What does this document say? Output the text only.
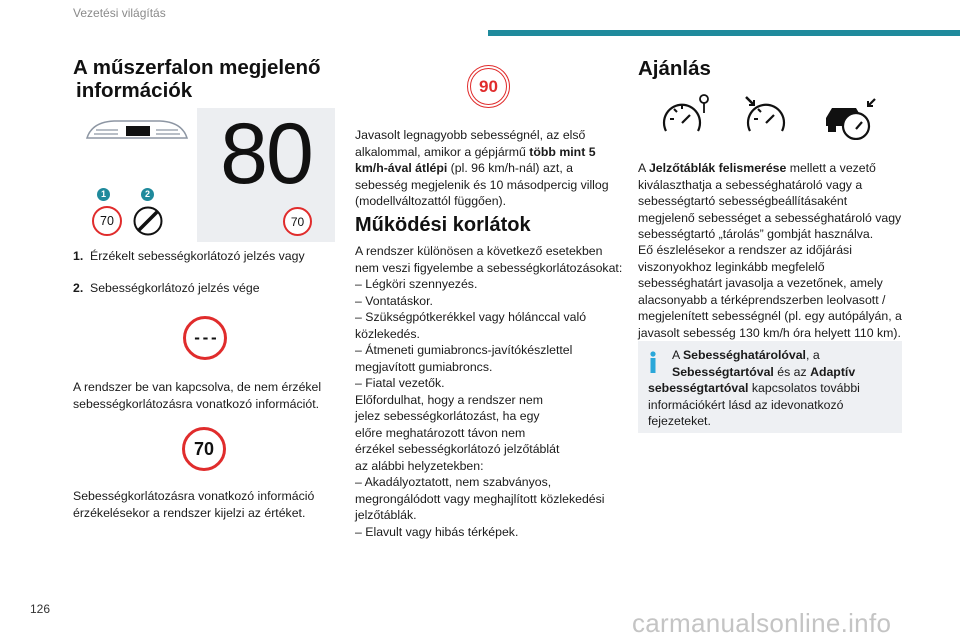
Vezetési világítás
A műszerfalon megjelenő
információk
80
70
1	2
70
1. Érzékelt sebességkorlátozó jelzés vagy
2. Sebességkorlátozó jelzés vége
- - -

A rendszer be van kapcsolva, de nem érzékel sebességkorlátozásra vonatkozó információt.

70

Sebességkorlátozásra vonatkozó információ érzékelésekor a rendszer kijelzi az értéket.

90

Javasolt legnagyobb sebességnél, az első alkalommal, amikor a gépjármű több mint 5 km/h-ával átlépi (pl. 96 km/h-nál) azt, a sebesség megjelenik és 10 másodpercig villog (modellváltozattól függően).

Működési korlátok
A rendszer különösen a következő esetekben nem veszi figyelembe a sebességkorlátozásokat:
– Légköri szennyezés.
– Vontatáskor.
– Szükségpótkerékkel vagy hólánccal való közlekedés.
– Átmeneti gumiabroncs-javítókészlettel megjavított gumiabroncs.
– Fiatal vezetők.
Előfordulhat, hogy a rendszer nem jelez sebességkorlátozást, ha egy előre meghatározott távon nem érzékel sebességkorlátozó jelzőtáblát az alábbi helyzetekben:
– Akadályoztatott, nem szabványos, megrongálódott vagy meghajlított közlekedési jelzőtáblák.
– Elavult vagy hibás térképek.
Ajánlás

A Jelzőtáblák felismerése mellett a vezető kiválaszthatja a sebességhatároló vagy a sebességtartó sebességbeállításaként megjelenő sebességet a sebességhatároló vagy sebességtartó „tárolás” gombját használva.

Eő észlelésekor a rendszer az időjárási viszonyokhoz leginkább megfelelő sebességhatárt javasolja a vezetőnek, amely alacsonyabb a térképrendszerben leolvasott / megjelenített sebességnél (pl. egy autópályán, a javasolt sebesség 130 km/h óra helyett 110 km).

A Sebességhatárolóval, a
Sebességtartóval és az Adaptív sebességtartóval kapcsolatos további információkért lásd az idevonatkozó fejezeteket.
126	carmanualsonline.info
